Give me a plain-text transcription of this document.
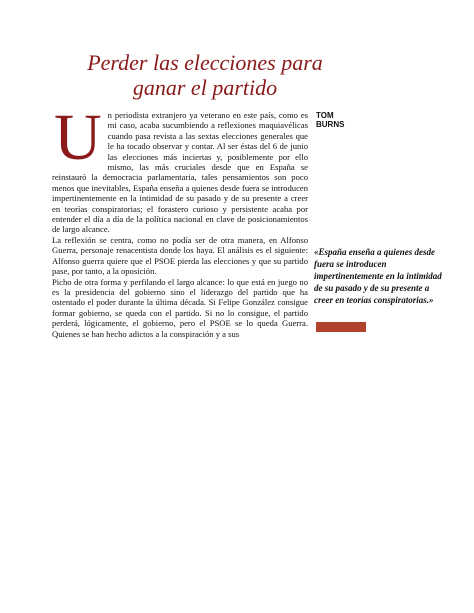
Perder las elecciones para
ganar el partido
U n periodista extranjero ya veterano en este país, como es mi caso, acaba sucumbiendo a reflexiones maquiavélicas cuando pasa revista a las sextas elecciones generales que le ha tocado observar y contar. Al ser éstas del 6 de junio las elecciones más inciertas y, posiblemente por ello mismo, las más cruciales desde que en España se reinstauró la democracia parlamentaria, tales pensamientos son poco menos que inevitables, España enseña a quienes desde fuera se introducen impertinentemente en la intimidad de su pasado y de su presente a creer en teorías conspiratorias; el forastero curioso y persistente acaba por entender el día a día de la política nacional en clave de posicionamientos de largo alcance.

La reflexión se centra, como no podía ser de otra manera, en Alfonso Guerra, personaje renacentista donde los haya. El análisis es el siguiente: Alfonso guerra quiere que el PSOE pierda las elecciones y que su partido pase, por tanto, a la oposición.

Picho de otra forma y perfilando el largo alcance: lo que está en juego no es la presidencia del gobierno sino el liderazgo del partido que ha ostentado el poder durante la última década. Si Felipe González consigue formar gobierno, se queda con el partido. Si no lo consigue, el partido perderá, lógicamente, el gobierno, pero el PSOE se lo queda Guerra. Quienes se han hecho adictos a la conspiración y a sus

TOM
BURNS
«España enseña a quienes desde fuera se introducen impertinentemente en la intimidad de su pasado y de su presente a creer en teorías conspiratorias.»
